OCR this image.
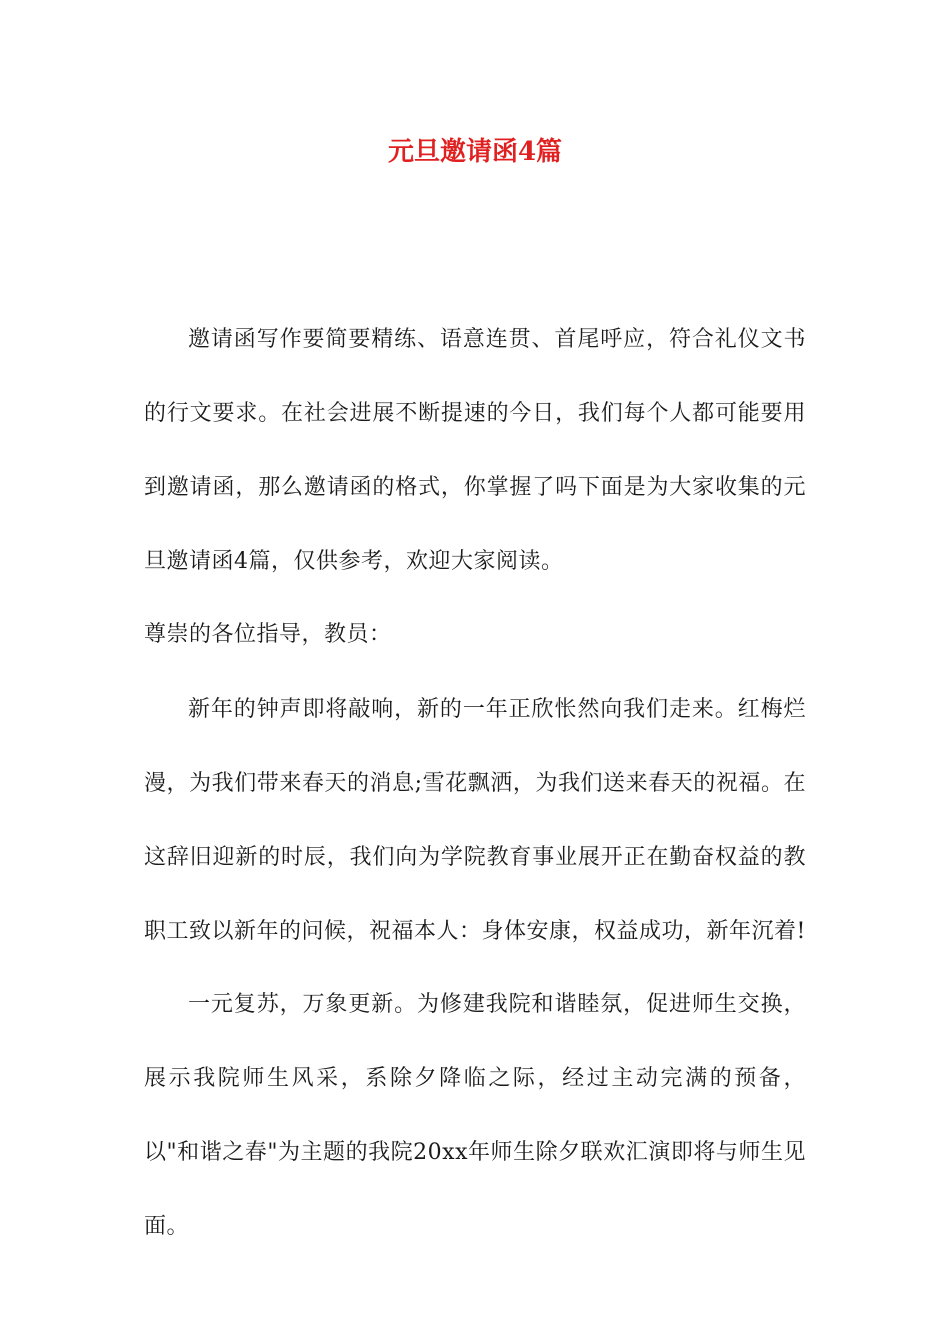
元旦邀请函4篇

邀请函写作要简要精练、语意连贯、首尾呼应，符合礼仪文书的行文要求。在社会进展不断提速的今日，我们每个人都可能要用到邀请函，那么邀请函的格式，你掌握了吗下面是为大家收集的元旦邀请函4篇，仅供参考，欢迎大家阅读。

尊崇的各位指导，教员：

新年的钟声即将敲响，新的一年正欣怅然向我们走来。红梅烂漫，为我们带来春天的消息;雪花飘洒，为我们送来春天的祝福。在这辞旧迎新的时辰，我们向为学院教育事业展开正在勤奋权益的教职工致以新年的问候，祝福本人：身体安康，权益成功，新年沉着!

一元复苏，万象更新。为修建我院和谐睦氛，促进师生交换，展示我院师生风采，系除夕降临之际，经过主动完满的预备，以"和谐之春"为主题的我院20xx年师生除夕联欢汇演即将与师生见面。
